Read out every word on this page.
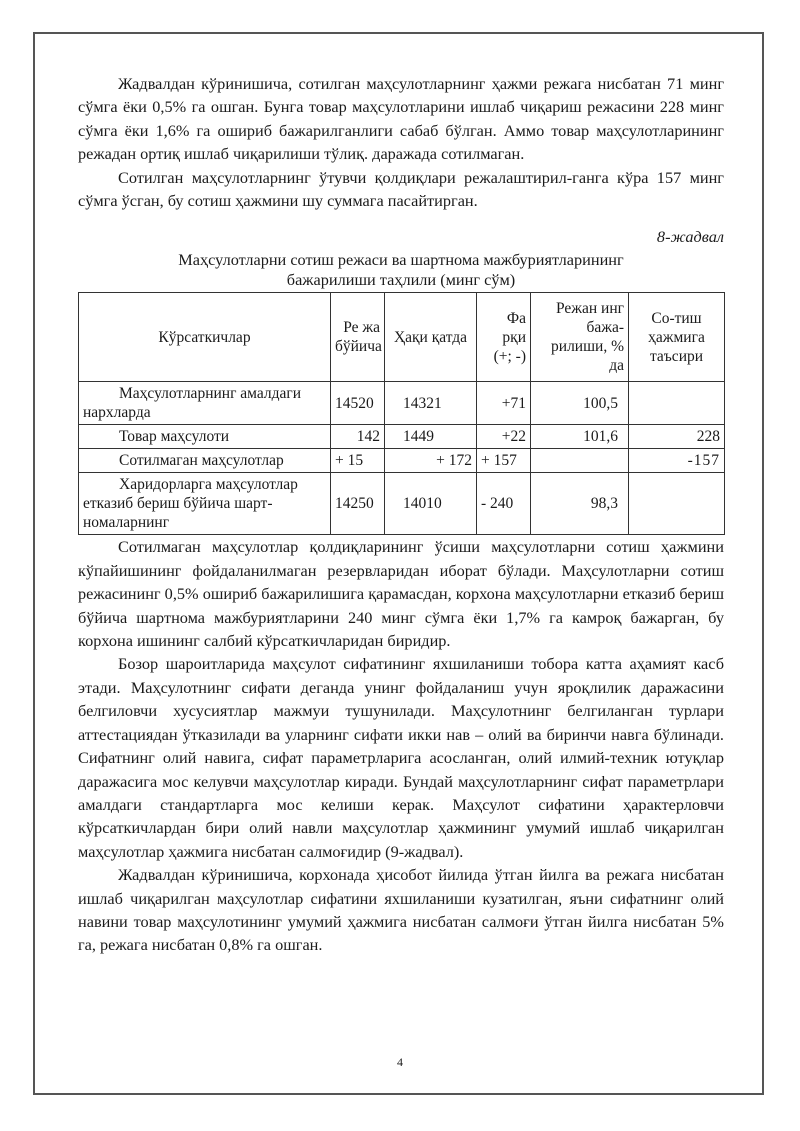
Жадвалдан кўринишича, сотилган маҳсулотларнинг ҳажми режага нисбатан 71 минг сўмга ёки 0,5% га ошган. Бунга товар маҳсулотларини ишлаб чиқариш режасини 228 минг сўмга ёки 1,6% га ошириб бажарилганлиги сабаб бўлган. Аммо товар маҳсулотларининг режадан ортиқ ишлаб чиқарилиши тўлиқ. даражада сотилмаган.

Сотилган маҳсулотларнинг ўтувчи қолдиқлари режалаштирил-ганга кўра 157 минг сўмга ўсган, бу сотиш ҳажмини шу суммага пасайтирган.

8-жадвал
Маҳсулотларни сотиш режаси ва шартнома мажбуриятларининг
бажарилиши таҳлили (минг сўм)
Кўрсаткичлар	Ре жа бўйича	Ҳақи қатда	Фа рқи (+; -)	Режан инг бажа-рилиши, % да	Со-тиш ҳажмига таъсири
Маҳсулотларнинг амалдаги нархларда	14520	14321	+71	100,5	
Товар маҳсулоти	142	1449	+22	101,6	228
Сотилмаган маҳсулотлар	+ 15	+ 172	+ 157		-157
Харидорларга маҳсулотлар етказиб бериш бўйича шарт-номаларнинг	14250	14010	- 240	98,3	

Сотилмаган маҳсулотлар қолдиқларининг ўсиши маҳсулотларни сотиш ҳажмини кўпайишининг фойдаланилмаган резервларидан иборат бўлади. Маҳсулотларни сотиш режасининг 0,5% ошириб бажарилишига қарамасдан, корхона маҳсулотларни етказиб бериш бўйича шартнома мажбуриятларини 240 минг сўмга ёки 1,7% га камроқ бажарган, бу корхона ишининг салбий кўрсаткичларидан биридир.

Бозор шароитларида маҳсулот сифатининг яхшиланиши тобора катта аҳамият касб этади. Маҳсулотнинг сифати деганда унинг фойдаланиш учун яроқлилик даражасини белгиловчи хусусиятлар мажмуи тушунилади. Маҳсулотнинг белгиланган турлари аттестациядан ўтказилади ва уларнинг сифати икки нав – олий ва биринчи навга бўлинади. Сифатнинг олий навига, сифат параметрларига асосланган, олий илмий-техник ютуқлар даражасига мос келувчи маҳсулотлар киради. Бундай маҳсулотларнинг сифат параметрлари амалдаги стандартларга мос келиши керак. Маҳсулот сифатини ҳарактерловчи кўрсаткичлардан бири олий навли маҳсулотлар ҳажмининг умумий ишлаб чиқарилган маҳсулотлар ҳажмига нисбатан салмоғидир (9-жадвал).

Жадвалдан кўринишича, корхонада ҳисобот йилида ўтган йилга ва режага нисбатан ишлаб чиқарилган маҳсулотлар сифатини яхшиланиши кузатилган, яъни сифатнинг олий навини товар маҳсулотининг умумий ҳажмига нисбатан салмоғи ўтган йилга нисбатан 5% га, режага нисбатан 0,8% га ошган.

4
